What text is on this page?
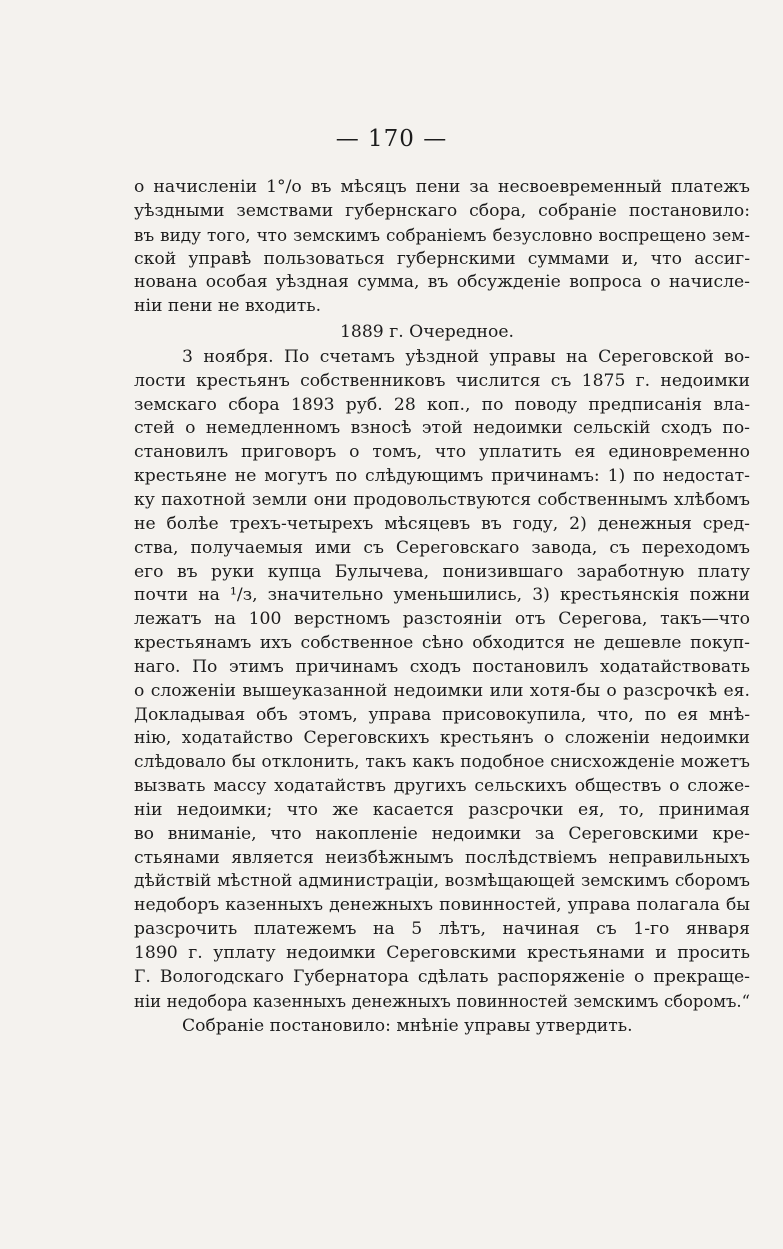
— 170 —
о начисленіи 1°/о въ мѣсяцъ пени за несвоевременный платежъ
уѣздными земствами губернскаго сбора, собраніе постановило:
въ виду того, что земскимъ собраніемъ безусловно воспрещено зем-
ской управѣ пользоваться губернскими суммами и, что ассиг-
нована особая уѣздная сумма, въ обсужденіе вопроса о начисле-
ніи пени не входить.
1889 г. Очередное.
3 ноября. По счетамъ уѣздной управы на Сереговской во-
лости крестьянъ собственниковъ числится съ 1875 г. недоимки
земскаго сбора 1893 руб. 28 коп., по поводу предписанія вла-
стей о немедленномъ взносѣ этой недоимки сельскій сходъ по-
становилъ приговоръ о томъ, что уплатить ея единовременно
крестьяне не могутъ по слѣдующимъ причинамъ: 1) по недостат-
ку пахотной земли они продовольствуются собственнымъ хлѣбомъ
не болѣе трехъ-четырехъ мѣсяцевъ въ году, 2) денежныя сред-
ства, получаемыя ими съ Сереговскаго завода, съ переходомъ
его въ руки купца Булычева, понизившаго заработную плату
почти на ¹/з, значительно уменьшились, 3) крестьянскія пожни
лежатъ на 100 верстномъ разстояніи отъ Серегова, такъ—что
крестьянамъ ихъ собственное сѣно обходится не дешевле покуп-
наго. По этимъ причинамъ сходъ постановилъ ходатайствовать
о сложеніи вышеуказанной недоимки или хотя-бы о разсрочкѣ ея.
Докладывая объ этомъ, управа присовокупила, что, по ея мнѣ-
нію, ходатайство Сереговскихъ крестьянъ о сложеніи недоимки
слѣдовало бы отклонить, такъ какъ подобное снисхожденіе можетъ
вызвать массу ходатайствъ другихъ сельскихъ обществъ о сложе-
ніи недоимки; что же касается разсрочки ея, то, принимая
во вниманіе, что накопленіе недоимки за Сереговскими кре-
стьянами является неизбѣжнымъ послѣдствіемъ неправильныхъ
дѣйствій мѣстной администраціи, возмѣщающей земскимъ сборомъ
недоборъ казенныхъ денежныхъ повинностей, управа полагала бы
разсрочить платежемъ на 5 лѣтъ, начиная съ 1-го января
1890 г. уплату недоимки Сереговскими крестьянами и просить
Г. Вологодскаго Губернатора сдѣлать распоряженіе о прекраще-
ніи недобора казенныхъ денежныхъ повинностей земскимъ сборомъ.“
Собраніе постановило: мнѣніе управы утвердить.
